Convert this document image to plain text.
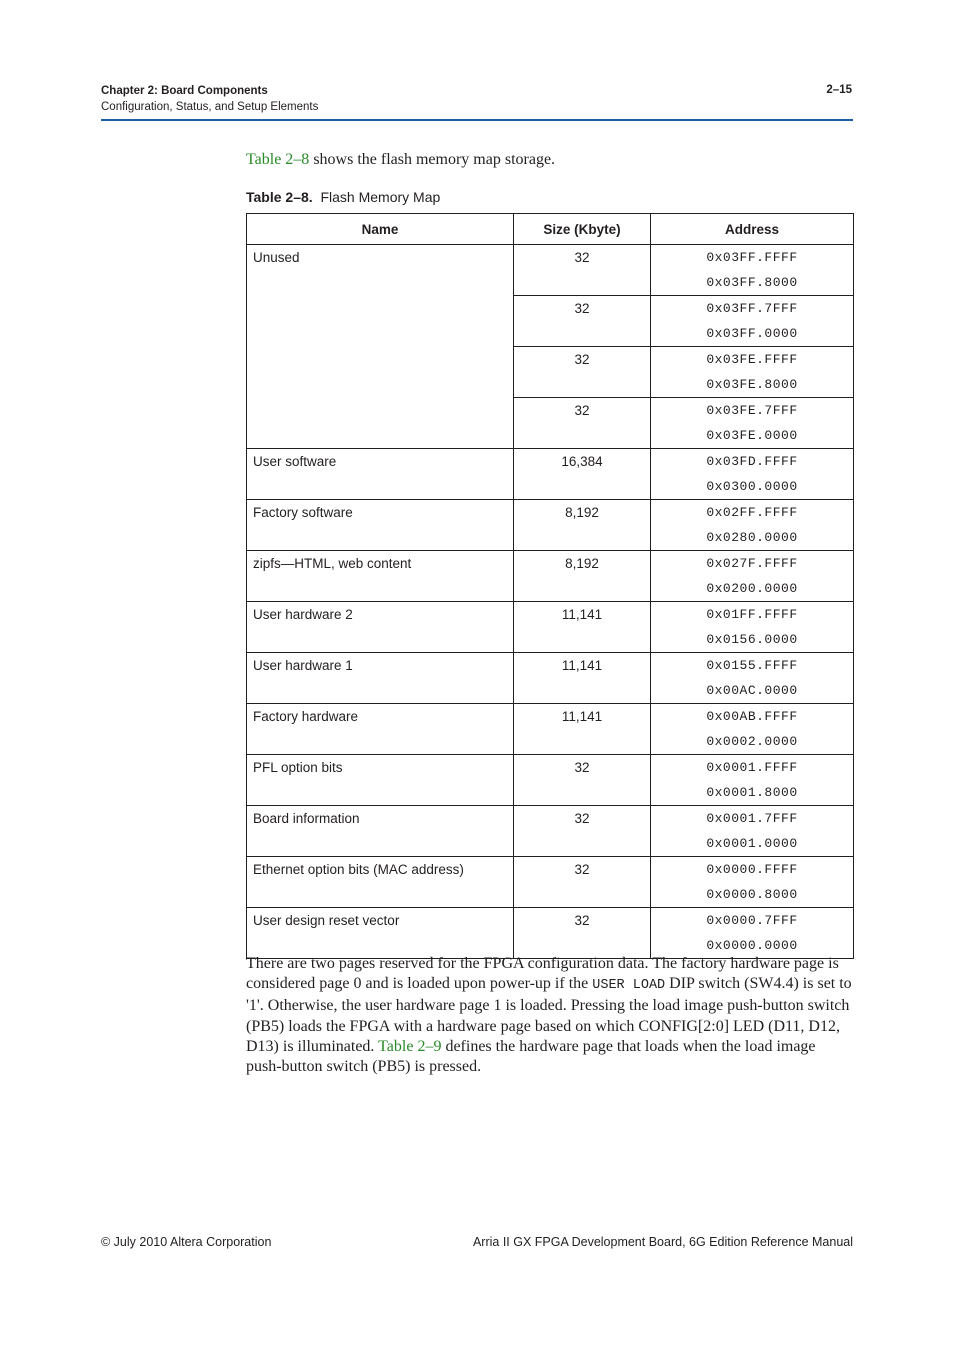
Chapter 2: Board Components
Configuration, Status, and Setup Elements
2–15
Table 2–8 shows the flash memory map storage.
Table 2–8. Flash Memory Map
Name	Size (Kbyte)	Address
Unused	32	0x03FF.FFFF
		0x03FF.8000
	32	0x03FF.7FFF
		0x03FF.0000
	32	0x03FE.FFFF
		0x03FE.8000
	32	0x03FE.7FFF
		0x03FE.0000
User software	16,384	0x03FD.FFFF
		0x0300.0000
Factory software	8,192	0x02FF.FFFF
		0x0280.0000
zipfs—HTML, web content	8,192	0x027F.FFFF
		0x0200.0000
User hardware 2	11,141	0x01FF.FFFF
		0x0156.0000
User hardware 1	11,141	0x0155.FFFF
		0x00AC.0000
Factory hardware	11,141	0x00AB.FFFF
		0x0002.0000
PFL option bits	32	0x0001.FFFF
		0x0001.8000
Board information	32	0x0001.7FFF
		0x0001.0000
Ethernet option bits (MAC address)	32	0x0000.FFFF
		0x0000.8000
User design reset vector	32	0x0000.7FFF
		0x0000.0000
There are two pages reserved for the FPGA configuration data. The factory hardware page is considered page 0 and is loaded upon power-up if the USER LOAD DIP switch (SW4.4) is set to '1'. Otherwise, the user hardware page 1 is loaded. Pressing the load image push-button switch (PB5) loads the FPGA with a hardware page based on which CONFIG[2:0] LED (D11, D12, D13) is illuminated. Table 2–9 defines the hardware page that loads when the load image push-button switch (PB5) is pressed.
© July 2010 Altera Corporation	Arria II GX FPGA Development Board, 6G Edition Reference Manual
